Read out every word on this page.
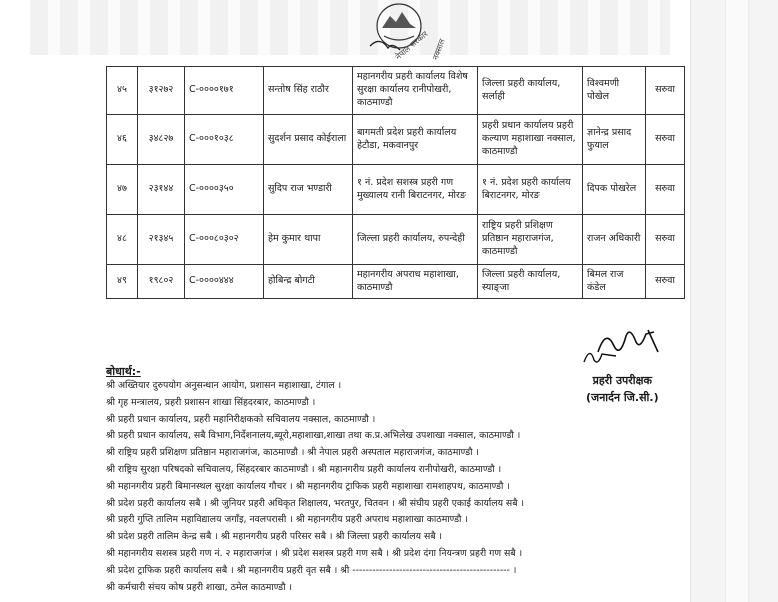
नेपाल सरकार नक्साल
४५	३१२७२	C-००००१७१	सन्तोष सिंह राठौर	महानगरीय प्रहरी कार्यालय विशेष सुरक्षा कार्यालय रानीपोखरी, काठमाण्डौ	जिल्ला प्रहरी कार्यालय, सर्लाही	विश्वमणी पोखेल	सरुवा
४६	३४८२७	C-०००१०३८	सुदर्शन प्रसाद कोईराला	बागमती प्रदेश प्रहरी कार्यालय हेटौडा, मकवानपुर	प्रहरी प्रधान कार्यालय प्रहरी कल्याण महाशाखा नक्साल, काठमाण्डौ	ज्ञानेन्द्र प्रसाद फुयाल	सरुवा
४७	२३१४४	C-००००३५०	सुदिप राज भण्डारी	१ नं. प्रदेश सशस्त्र प्रहरी गण मुख्यालय रानी बिराटनगर, मोरङ	१ नं. प्रदेश प्रहरी कार्यालय बिराटनगर, मोरङ	दिपक पोखरेल	सरुवा
४८	२१३४५	C-०००८०३०२	हेम कुमार थापा	जिल्ला प्रहरी कार्यालय, रुपन्देही	राष्ट्रिय प्रहरी प्रशिक्षण प्रतिष्ठान महाराजगंज, काठमाण्डौ	राजन अधिकारी	सरुवा
४९	१९८०२	C-००००४४४	होबिन्द्र बोगटी	महानगरीय अपराध महाशाखा, काठमाण्डौ	जिल्ला प्रहरी कार्यालय, स्याङ्जा	बिमल राज कंडेल	सरुवा
प्रहरी उपरीक्षक
(जनार्दन जि.सी.)
बोधार्थ:-
श्री अख्तियार दुरुपयोग अनुसन्धान आयोग, प्रशासन महाशाखा, टंगाल ।
श्री गृह मन्त्रालय, प्रहरी प्रशासन शाखा सिंहदरबार, काठमाण्डौ ।
श्री प्रहरी प्रधान कार्यालय, प्रहरी महानिरीक्षकको सचिवालय नक्साल, काठमाण्डौ ।
श्री प्रहरी प्रधान कार्यालय, सबै विभाग,निर्देशनालय,ब्यूरो,महाशाखा,शाखा तथा क.प्र.अभिलेख उपशाखा नक्साल, काठमाण्डौ ।
श्री राष्ट्रिय प्रहरी प्रशिक्षण प्रतिष्ठान महाराजगंज, काठमाण्डौ । श्री नेपाल प्रहरी अस्पताल महाराजगंज, काठमाण्डौ ।
श्री राष्ट्रिय सुरक्षा परिषदको सचिवालय, सिंहदरबार काठमाण्डौ । श्री महानगरीय प्रहरी कार्यालय रानीपोखरी, काठमाण्डौ ।
श्री महानगरीय प्रहरी बिमानस्थल सुरक्षा कार्यालय गौचर । श्री महानगरीय ट्राफिक प्रहरी महाशाखा रामशाहपथ, काठमाण्डौ ।
श्री प्रदेश प्रहरी कार्यालय सबै । श्री जुनियर प्रहरी अधिकृत शिक्षालय, भरतपुर, चितवन । श्री संघीय प्रहरी एकाई कार्यालय सबै ।
श्री प्रहरी गुप्ति तालिम महाविद्यालय जगाँइ, नवलपरासी । श्री महानगरीय प्रहरी अपराध महाशाखा काठमाण्डौ ।
श्री प्रदेश प्रहरी तालिम केन्द्र सबै । श्री महानगरीय प्रहरी परिसर सबै । श्री जिल्ला प्रहरी कार्यालय सबै ।
श्री महानगरीय सशस्त्र प्रहरी गण नं. २ महाराजगंज । श्री प्रदेश सशस्त्र प्रहरी गण सबै । श्री प्रदेश दंगा नियन्त्रण प्रहरी गण सबै ।
श्री प्रदेश ट्राफिक प्रहरी कार्यालय सबै । श्री महानगरीय प्रहरी वृत सबै । श्री ----------------------------------------------- ।
श्री कर्मचारी संचय कोष प्रहरी शाखा, ठमेल काठमाण्डौ ।
